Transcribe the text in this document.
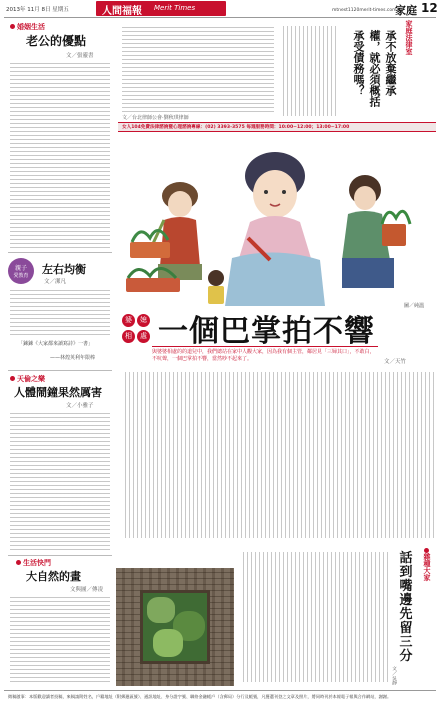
2013年 11月 8日 星期五	人間福報 Merit Times	mtnest1120merit-times.com.tw
家庭 12
婚姻生活
老公的優點
文／張靈書
親子
愛教育	左右均衡
文／潔凡
「鍊鍊《大家都來讀寫詩》一書」
——林煌英利年限棒
天倫之樂
人體鬧鐘果然厲害
文／小雅子
生活快門
大自然的畫
文與圖／傳凌
家庭法律室
承受債務嗎？ 權，就必須概括 承不放棄繼承
文／台北律師公會·劉秋琪律師
女人104免費法律諮詢暨心理諮詢專線：(02) 3393-3575 每週服務時間：10:00~12:00；13:00~17:00
圖／純溫
婆	媳
相	處 一個巴掌拍不響
與婆婆相處的的道兒中，我們總站在家中人觀大家，因為我有個主管，鄰居見「三婦其口」，不敢白，不吭聲，一個巴掌拍不響，當然吵不起來了。	文／天竹
雜種大家
話
到
嘴
邊
先
留
三
分
文／吳靜
徵稿啟事：本版歡迎讀者投稿，來稿請附姓名，戶籍地址（附郵遞區號）、通訊地址、身分證字號、聯絡金融帳戶（含郵局）分行及帳號，凡獲選刊登之文章及照片，將同時刊於本報電子報與合作網站，謝謝。
